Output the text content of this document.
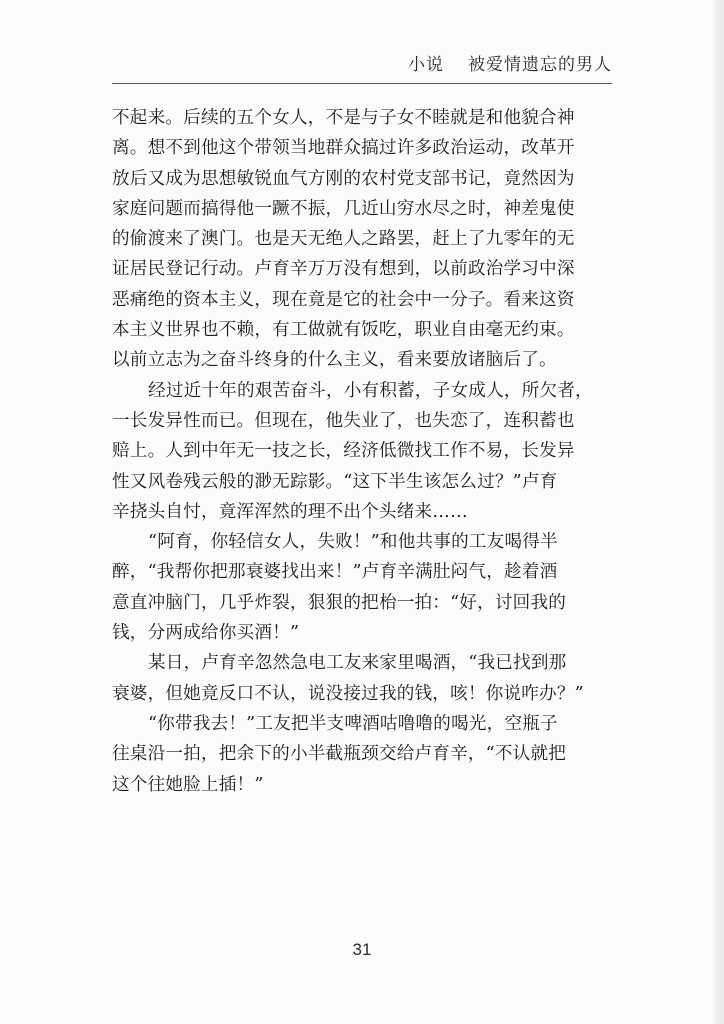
小说 被爱情遗忘的男人
不起来。后续的五个女人，不是与子女不睦就是和他貌合神
离。想不到他这个带领当地群众搞过许多政治运动，改革开
放后又成为思想敏锐血气方刚的农村党支部书记，竟然因为
家庭问题而搞得他一蹶不振，几近山穷水尽之时，神差鬼使
的偷渡来了澳门。也是天无绝人之路罢，赶上了九零年的无
证居民登记行动。卢育辛万万没有想到，以前政治学习中深
恶痛绝的资本主义，现在竟是它的社会中一分子。看来这资
本主义世界也不赖，有工做就有饭吃，职业自由毫无约束。
以前立志为之奋斗终身的什么主义，看来要放诸脑后了。
经过近十年的艰苦奋斗，小有积蓄，子女成人，所欠者，
一长发异性而已。但现在，他失业了，也失恋了，连积蓄也
赔上。人到中年无一技之长，经济低微找工作不易，长发异
性又风卷残云般的渺无踪影。“这下半生该怎么过？”卢育
辛挠头自忖，竟浑浑然的理不出个头绪来……
“阿育，你轻信女人，失败！”和他共事的工友喝得半
醉，“我帮你把那衰婆找出来！”卢育辛满肚闷气，趁着酒
意直冲脑门，几乎炸裂，狠狠的把枱一拍：“好，讨回我的
钱，分两成给你买酒！”
某日，卢育辛忽然急电工友来家里喝酒，“我已找到那
衰婆，但她竟反口不认，说没接过我的钱，咳！你说咋办？”
“你带我去！”工友把半支啤酒咕噜噜的喝光，空瓶子
往桌沿一拍，把余下的小半截瓶颈交给卢育辛，“不认就把
这个往她脸上插！”
31
